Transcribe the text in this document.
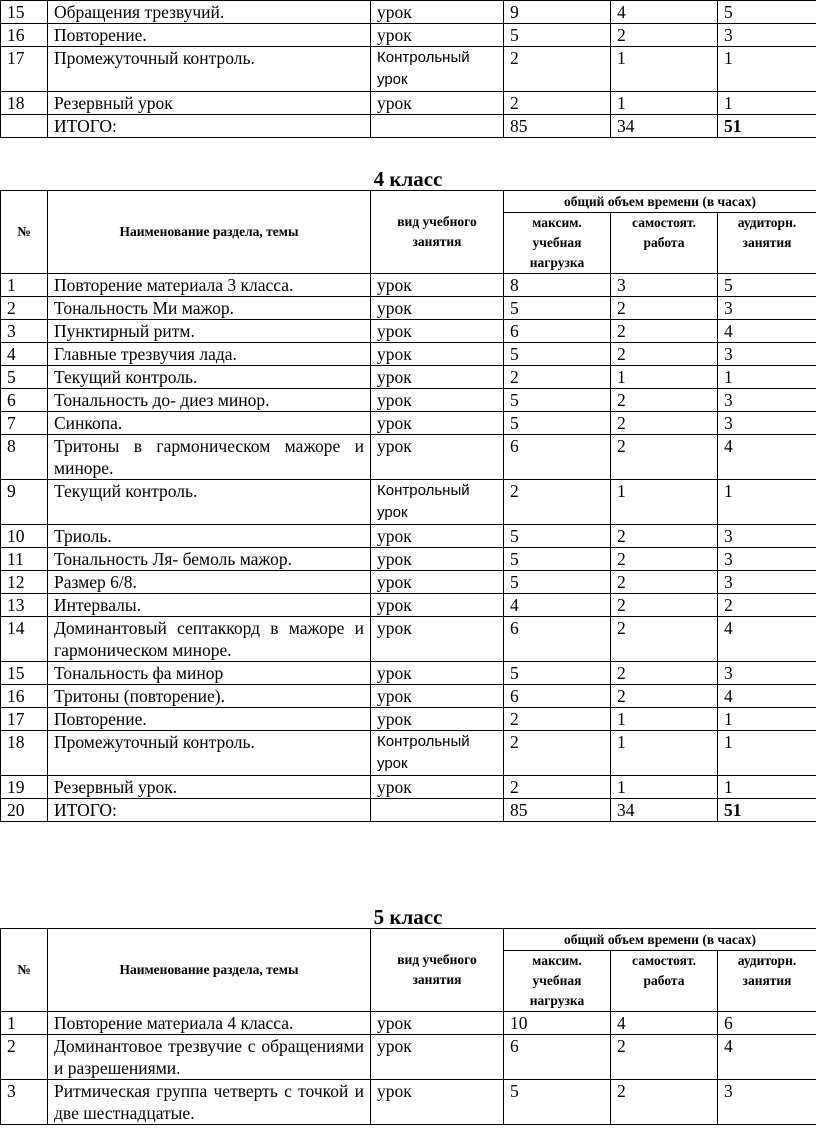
15	Обращения трезвучий.	урок	9	4	5
16	Повторение.	урок	5	2	3
17	Промежуточный контроль.	Контрольный урок	2	1	1
18	Резервный урок	урок	2	1	1
	ИТОГО:		85	34	51
4 класс
№	Наименование раздела, темы	вид учебного занятия	общий объем времени (в часах)		
			максим. учебная нагрузка	самостоят. работа	аудиторн. занятия
1	Повторение материала 3 класса.	урок	8	3	5
2	Тональность Ми мажор.	урок	5	2	3
3	Пунктирный ритм.	урок	6	2	4
4	Главные трезвучия лада.	урок	5	2	3
5	Текущий контроль.	урок	2	1	1
6	Тональность до- диез минор.	урок	5	2	3
7	Синкопа.	урок	5	2	3
8	Тритоны в гармоническом мажоре и миноре.	урок	6	2	4
9	Текущий контроль.	Контрольный урок	2	1	1
10	Триоль.	урок	5	2	3
11	Тональность Ля- бемоль мажор.	урок	5	2	3
12	Размер 6/8.	урок	5	2	3
13	Интервалы.	урок	4	2	2
14	Доминантовый септаккорд в мажоре и гармоническом миноре.	урок	6	2	4
15	Тональность фа минор	урок	5	2	3
16	Тритоны (повторение).	урок	6	2	4
17	Повторение.	урок	2	1	1
18	Промежуточный контроль.	Контрольный урок	2	1	1
19	Резервный урок.	урок	2	1	1
20	ИТОГО:		85	34	51
5 класс
№	Наименование раздела, темы	вид учебного занятия	общий объем времени (в часах)		
			максим. учебная нагрузка	самостоят. работа	аудиторн. занятия
1	Повторение материала 4 класса.	урок	10	4	6
2	Доминантовое трезвучие с обращениями и разрешениями.	урок	6	2	4
3	Ритмическая группа четверть с точкой и две шестнадцатые.	урок	5	2	3
